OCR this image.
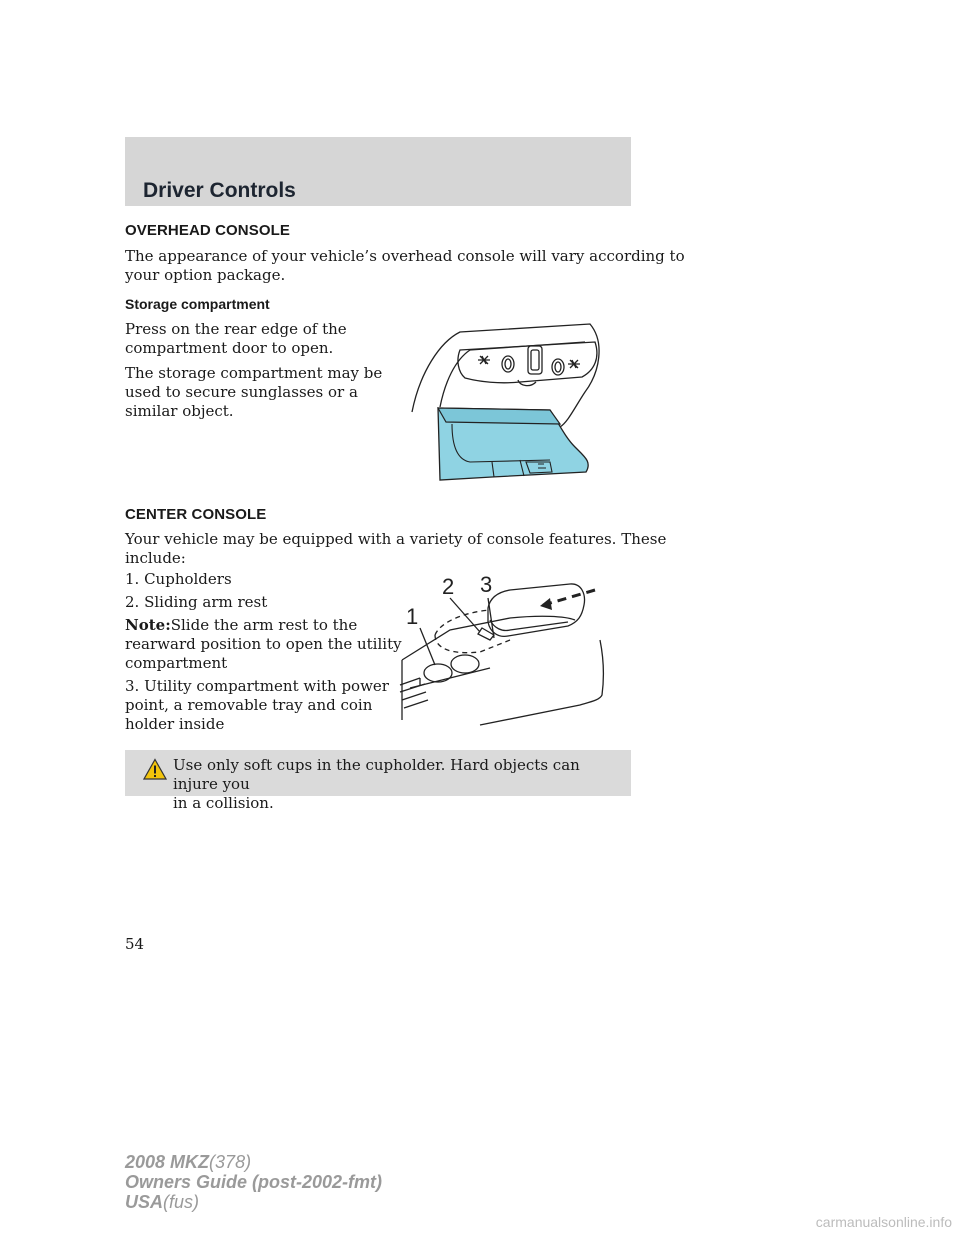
Driver Controls
OVERHEAD CONSOLE

The appearance of your vehicle’s overhead console will vary according to

your option package.

Storage compartment

Press on the rear edge of the

compartment door to open.

The storage compartment may be

used to secure sunglasses or a

similar object.

CENTER CONSOLE

Your vehicle may be equipped with a variety of console features. These

include:

1. Cupholders

2. Sliding arm rest

Note:Slide the arm rest to the

rearward position to open the utility

compartment

3. Utility compartment with power

point, a removable tray and coin

holder inside

1
2 3

Use only soft cups in the cupholder. Hard objects can injure you
in a collision.

54

2008 MKZ(378)
Owners Guide (post-2002-fmt)
USA(fus)

carmanualsonline.info
